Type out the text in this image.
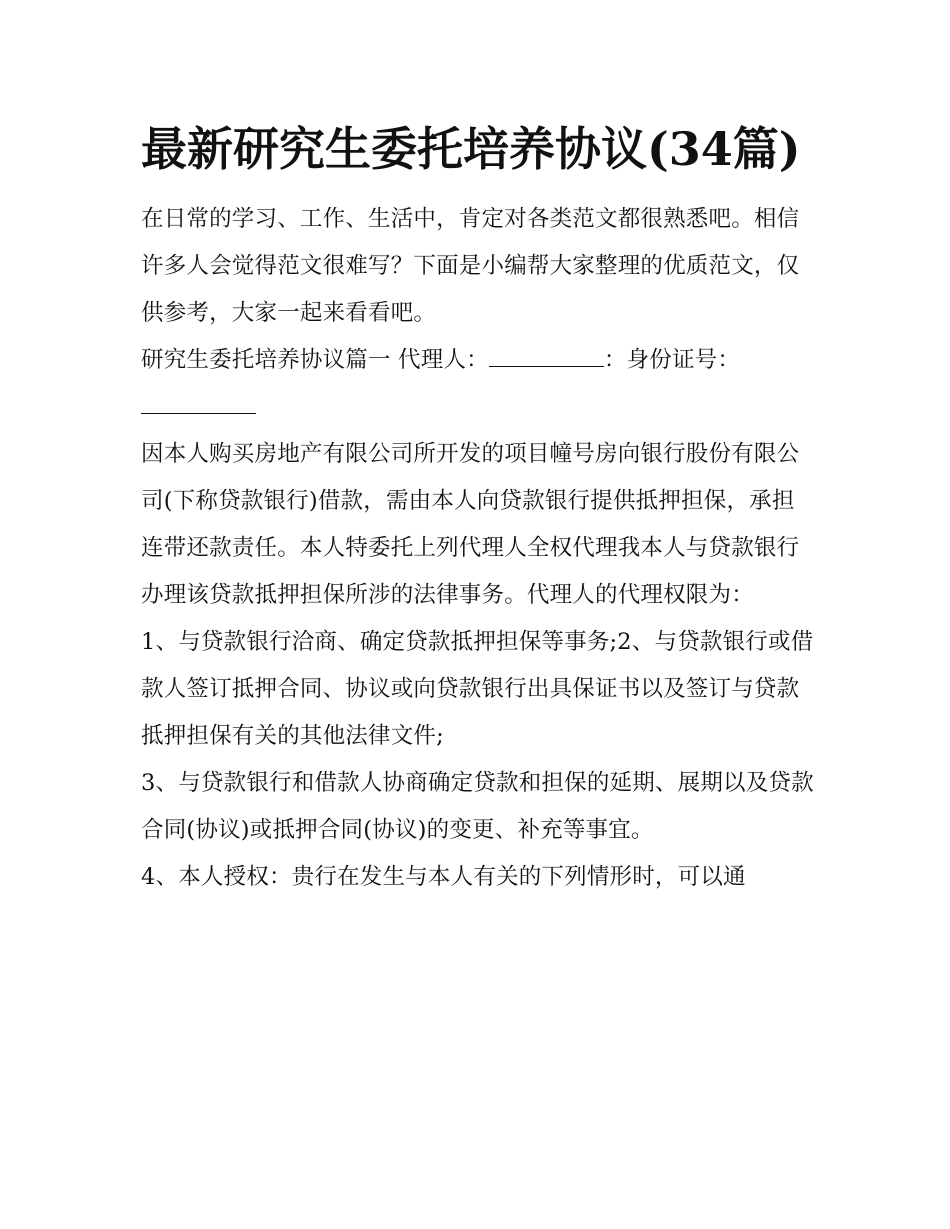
最新研究生委托培养协议(34篇)

在日常的学习、工作、生活中，肯定对各类范文都很熟悉吧。相信许多人会觉得范文很难写？下面是小编帮大家整理的优质范文，仅供参考，大家一起来看看吧。

研究生委托培养协议篇一 代理人：	：身份证号：

因本人购买房地产有限公司所开发的项目幢号房向银行股份有限公司(下称贷款银行)借款，需由本人向贷款银行提供抵押担保，承担连带还款责任。本人特委托上列代理人全权代理我本人与贷款银行办理该贷款抵押担保所涉的法律事务。代理人的代理权限为：

1、与贷款银行洽商、确定贷款抵押担保等事务;2、与贷款银行或借款人签订抵押合同、协议或向贷款银行出具保证书以及签订与贷款抵押担保有关的其他法律文件;

3、与贷款银行和借款人协商确定贷款和担保的延期、展期以及贷款合同(协议)或抵押合同(协议)的变更、补充等事宜。

4、本人授权：贵行在发生与本人有关的下列情形时，可以通
